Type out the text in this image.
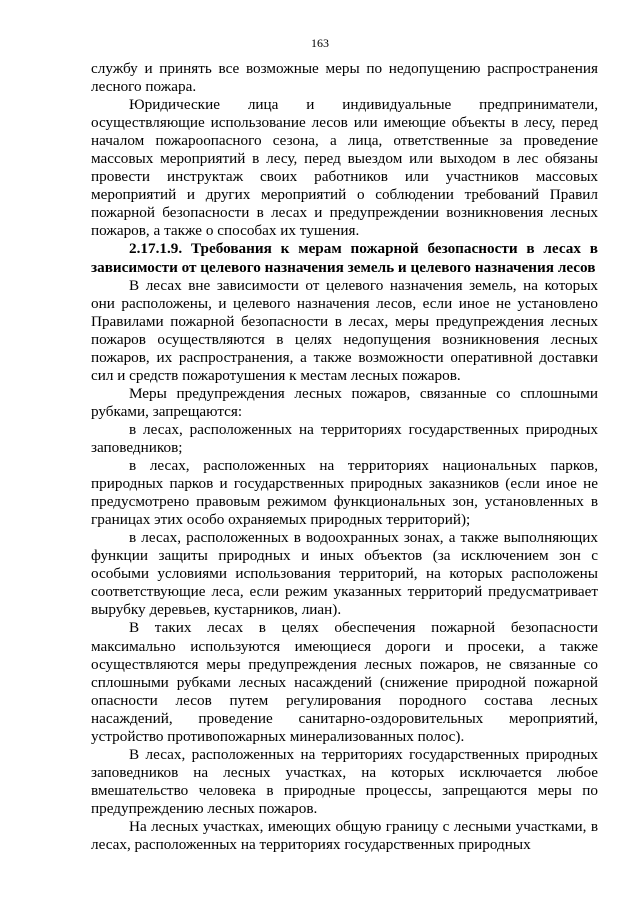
163

службу и принять все возможные меры по недопущению распространения лесного пожара.

Юридические лица и индивидуальные предприниматели, осуществляющие использование лесов или имеющие объекты в лесу, перед началом пожароопасного сезона, а лица, ответственные за проведение массовых мероприятий в лесу, перед выездом или выходом в лес обязаны провести инструктаж своих работников или участников массовых мероприятий и других мероприятий о соблюдении требований Правил пожарной безопасности в лесах и предупреждении возникновения лесных пожаров, а также о способах их тушения.

2.17.1.9. Требования к мерам пожарной безопасности в лесах в зависимости от целевого назначения земель и целевого назначения лесов

В лесах вне зависимости от целевого назначения земель, на которых они расположены, и целевого назначения лесов, если иное не установлено Правилами пожарной безопасности в лесах, меры предупреждения лесных пожаров осуществляются в целях недопущения возникновения лесных пожаров, их распространения, а также возможности оперативной доставки сил и средств пожаротушения к местам лесных пожаров.

Меры предупреждения лесных пожаров, связанные со сплошными рубками, запрещаются:

в лесах, расположенных на территориях государственных природных заповедников;

в лесах, расположенных на территориях национальных парков, природных парков и государственных природных заказников (если иное не предусмотрено правовым режимом функциональных зон, установленных в границах этих особо охраняемых природных территорий);

в лесах, расположенных в водоохранных зонах, а также выполняющих функции защиты природных и иных объектов (за исключением зон с особыми условиями использования территорий, на которых расположены соответствующие леса, если режим указанных территорий предусматривает вырубку деревьев, кустарников, лиан).

В таких лесах в целях обеспечения пожарной безопасности максимально используются имеющиеся дороги и просеки, а также осуществляются меры предупреждения лесных пожаров, не связанные со сплошными рубками лесных насаждений (снижение природной пожарной опасности лесов путем регулирования породного состава лесных насаждений, проведение санитарно-оздоровительных мероприятий, устройство противопожарных минерализованных полос).

В лесах, расположенных на территориях государственных природных заповедников на лесных участках, на которых исключается любое вмешательство человека в природные процессы, запрещаются меры по предупреждению лесных пожаров.

На лесных участках, имеющих общую границу с лесными участками, в лесах, расположенных на территориях государственных природных
